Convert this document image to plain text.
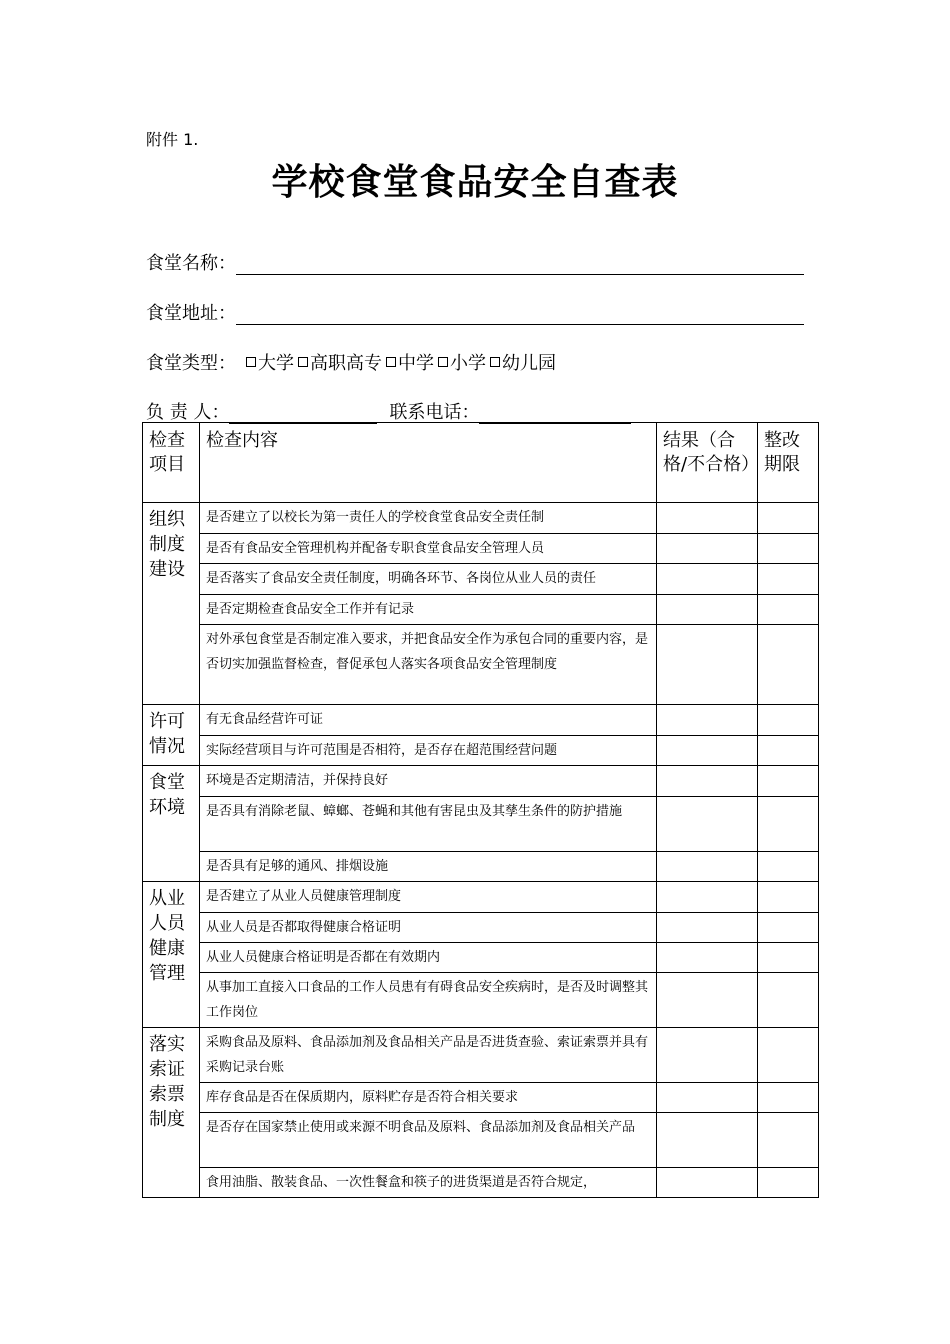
附件 1.
学校食堂食品安全自查表
食堂名称：
食堂地址：
食堂类型： 大学 高职高专 中学 小学 幼儿园
负 责 人：	联系电话：
检查项目	检查内容	结果（合格/不合格）	整改期限
组织制度建设	是否建立了以校长为第一责任人的学校食堂食品安全责任制		
	是否有食品安全管理机构并配备专职食堂食品安全管理人员		
	是否落实了食品安全责任制度，明确各环节、各岗位从业人员的责任		
	是否定期检查食品安全工作并有记录		
	对外承包食堂是否制定准入要求，并把食品安全作为承包合同的重要内容，是否切实加强监督检查，督促承包人落实各项食品安全管理制度		
许可情况	有无食品经营许可证		
	实际经营项目与许可范围是否相符，是否存在超范围经营问题		
食堂环境	环境是否定期清洁，并保持良好		
	是否具有消除老鼠、蟑螂、苍蝇和其他有害昆虫及其孳生条件的防护措施		
	是否具有足够的通风、排烟设施		
从业人员健康管理	是否建立了从业人员健康管理制度		
	从业人员是否都取得健康合格证明		
	从业人员健康合格证明是否都在有效期内		
	从事加工直接入口食品的工作人员患有有碍食品安全疾病时，是否及时调整其工作岗位		
落实索证索票制度	采购食品及原料、食品添加剂及食品相关产品是否进货查验、索证索票并具有采购记录台账		
	库存食品是否在保质期内，原料贮存是否符合相关要求		
	是否存在国家禁止使用或来源不明食品及原料、食品添加剂及食品相关产品		
	食用油脂、散装食品、一次性餐盒和筷子的进货渠道是否符合规定，		
